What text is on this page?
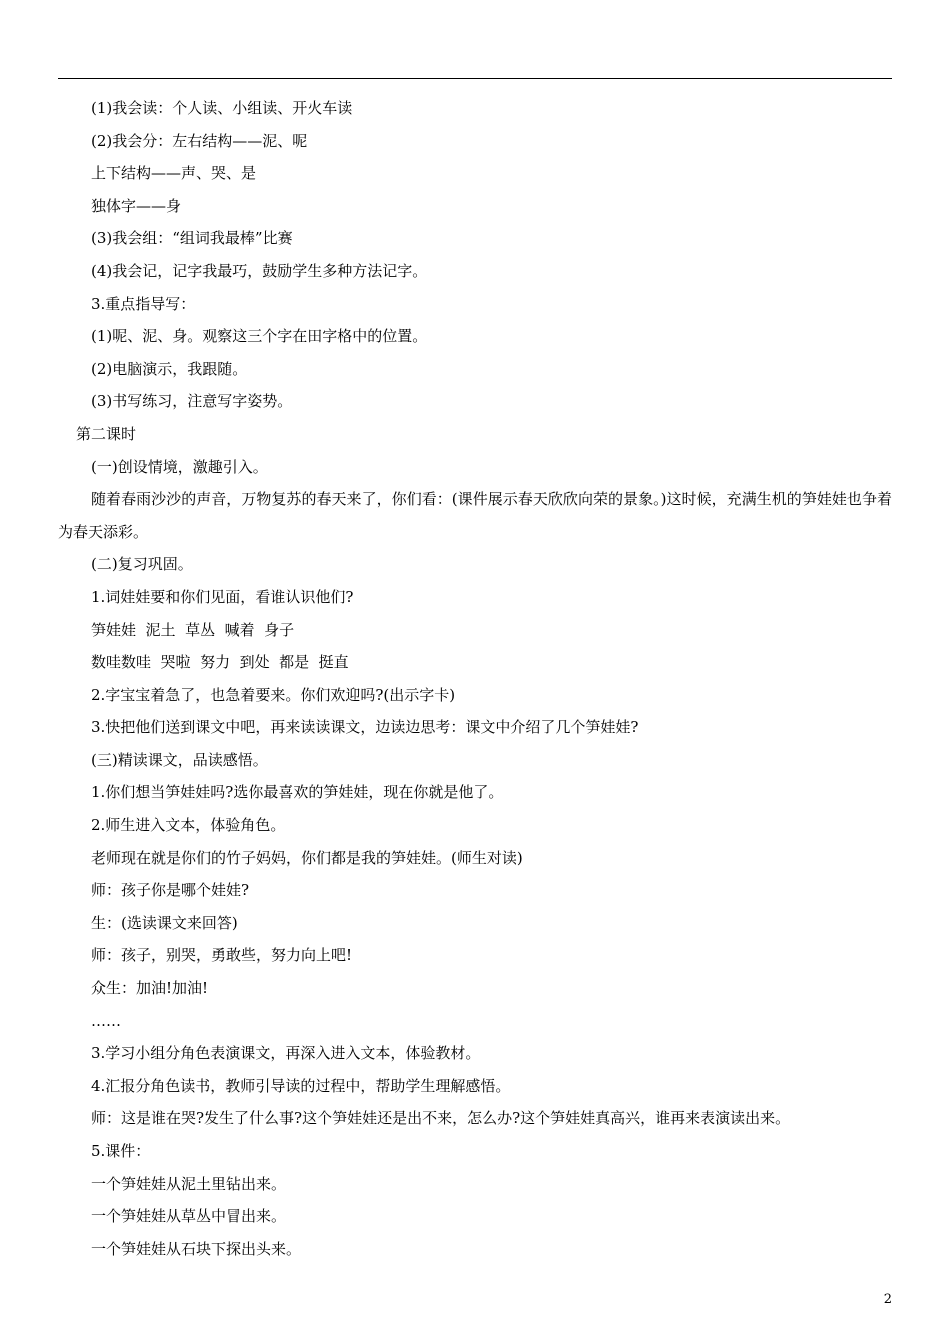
(1)我会读：个人读、小组读、开火车读
(2)我会分：左右结构——泥、呢
上下结构——声、哭、是
独体字——身
(3)我会组：“组词我最棒”比赛
(4)我会记，记字我最巧，鼓励学生多种方法记字。
3.重点指导写：
(1)呢、泥、身。观察这三个字在田字格中的位置。
(2)电脑演示，我跟随。
(3)书写练习，注意写字姿势。
第二课时
(一)创设情境，激趣引入。
随着春雨沙沙的声音，万物复苏的春天来了，你们看：(课件展示春天欣欣向荣的景象。)这时候，充满生机的笋娃娃也争着为春天添彩。
(二)复习巩固。
1.词娃娃要和你们见面，看谁认识他们?
笋娃娃  泥土  草丛  喊着  身子
数哇数哇  哭啦  努力  到处  都是  挺直
2.字宝宝着急了，也急着要来。你们欢迎吗?(出示字卡)
3.快把他们送到课文中吧，再来读读课文，边读边思考：课文中介绍了几个笋娃娃?
(三)精读课文，品读感悟。
1.你们想当笋娃娃吗?选你最喜欢的笋娃娃，现在你就是他了。
2.师生进入文本，体验角色。
老师现在就是你们的竹子妈妈，你们都是我的笋娃娃。(师生对读)
师：孩子你是哪个娃娃?
生：(选读课文来回答)
师：孩子，别哭，勇敢些，努力向上吧!
众生：加油!加油!
……
3.学习小组分角色表演课文，再深入进入文本，体验教材。
4.汇报分角色读书，教师引导读的过程中，帮助学生理解感悟。
师：这是谁在哭?发生了什么事?这个笋娃娃还是出不来，怎么办?这个笋娃娃真高兴，谁再来表演读出来。
5.课件：
一个笋娃娃从泥土里钻出来。
一个笋娃娃从草丛中冒出来。
一个笋娃娃从石块下探出头来。
2
